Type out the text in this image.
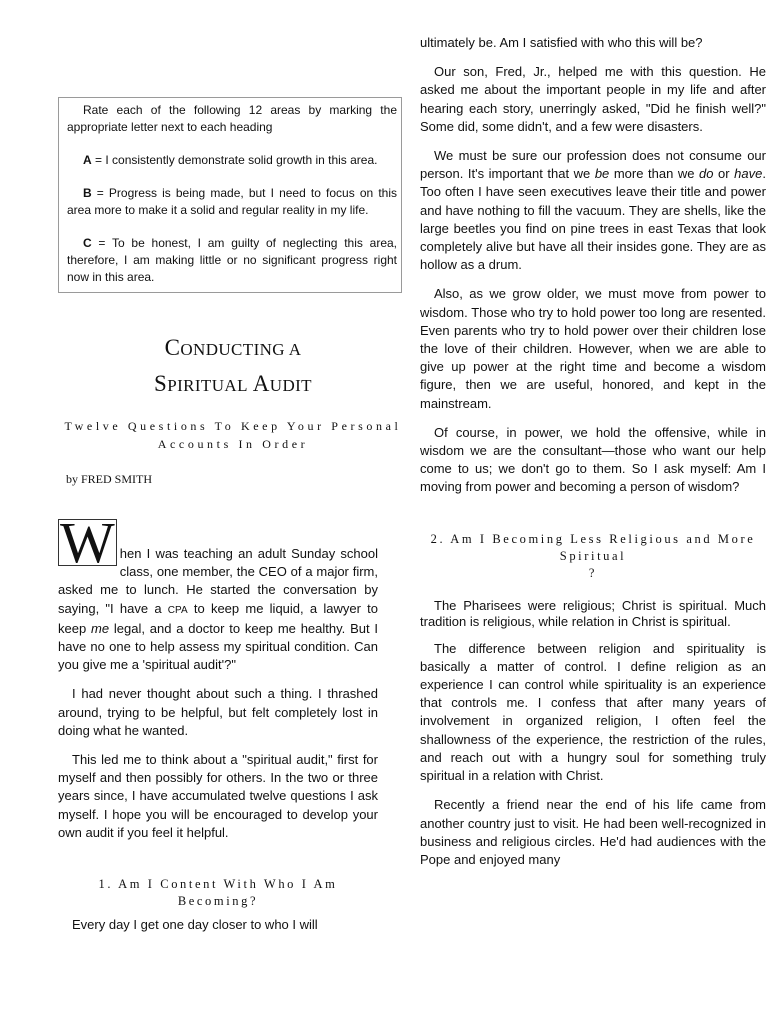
Rate each of the following 12 areas by marking the appropriate letter next to each heading

A = I consistently demonstrate solid growth in this area.

B = Progress is being made, but I need to focus on this area more to make it a solid and regular reality in my life.

C = To be honest, I am guilty of neglecting this area, therefore, I am making little or no significant progress right now in this area.

CONDUCTING A
SPIRITUAL AUDIT
Twelve Questions To Keep Your Personal Accounts In Order
by FRED SMITH

W hen I was teaching an adult Sunday school class, one member, the CEO of a major firm, asked me to lunch. He started the conversation by saying, "I have a CPA to keep me liquid, a lawyer to keep me legal, and a doctor to keep me healthy. But I have no one to help assess my spiritual condition. Can you give me a 'spiritual audit'?"

I had never thought about such a thing. I thrashed around, trying to be helpful, but felt completely lost in doing what he wanted.

This led me to think about a "spiritual audit," first for myself and then possibly for others. In the two or three years since, I have accumulated twelve questions I ask myself. I hope you will be encouraged to develop your own audit if you feel it helpful.

1. Am I Content With Who I Am Becoming?

Every day I get one day closer to who I will

ultimately be. Am I satisfied with who this will be?

Our son, Fred, Jr., helped me with this question. He asked me about the important people in my life and after hearing each story, unerringly asked, "Did he finish well?" Some did, some didn't, and a few were disasters.

We must be sure our profession does not consume our person. It's important that we be more than we do or have. Too often I have seen executives leave their title and power and have nothing to fill the vacuum. They are shells, like the large beetles you find on pine trees in east Texas that look completely alive but have all their insides gone. They are as hollow as a drum.

Also, as we grow older, we must move from power to wisdom. Those who try to hold power too long are resented. Even parents who try to hold power over their children lose the love of their children. However, when we are able to give up power at the right time and become a wisdom figure, then we are useful, honored, and kept in the mainstream.

Of course, in power, we hold the offensive, while in wisdom we are the consultant—those who want our help come to us; we don't go to them. So I ask myself: Am I moving from power and becoming a person of wisdom?

2. Am I Becoming Less Religious and More Spiritual
?

The Pharisees were religious; Christ is spiritual. Much tradition is religious, while relation in Christ is spiritual.

The difference between religion and spirituality is basically a matter of control. I define religion as an experience I can control while spirituality is an experience that controls me. I confess that after many years of involvement in organized religion, I often feel the shallowness of the experience, the restriction of the rules, and reach out with a hungry soul for something truly spiritual in a relation with Christ.

Recently a friend near the end of his life came from another country just to visit. He had been well-recognized in business and religious circles. He'd had audiences with the Pope and enjoyed many
